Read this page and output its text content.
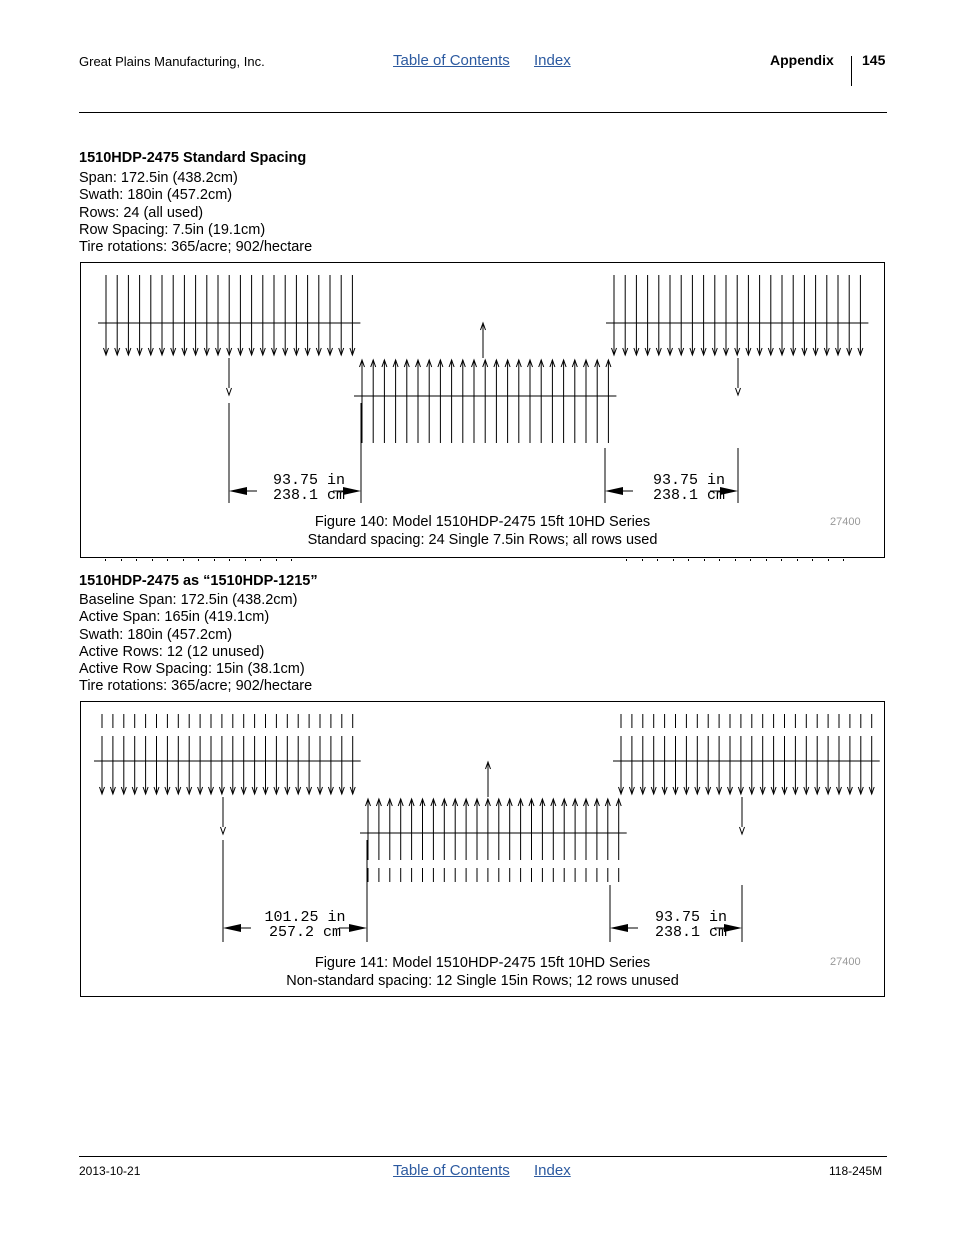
Great Plains Manufacturing, Inc.	Table of Contents Index	Appendix 145
1510HDP-2475 Standard Spacing
Span: 172.5in (438.2cm)
Swath: 180in (457.2cm)
Rows: 24 (all used)
Row Spacing: 7.5in (19.1cm)
Tire rotations: 365/acre; 902/hectare
93.75 in
238.1 cm
93.75 in
238.1 cm
Figure 140: Model 1510HDP-2475 15ft 10HD Series
Standard spacing: 24 Single 7.5in Rows; all rows used
27400
1510HDP-2475 as “1510HDP-1215”
Baseline Span: 172.5in (438.2cm)
Active Span: 165in (419.1cm)
Swath: 180in (457.2cm)
Active Rows: 12 (12 unused)
Active Row Spacing: 15in (38.1cm)
Tire rotations: 365/acre; 902/hectare
101.25 in
257.2 cm
93.75 in
238.1 cm
Figure 141: Model 1510HDP-2475 15ft 10HD Series
Non-standard spacing: 12 Single 15in Rows; 12 rows unused
27400
2013-10-21	Table of Contents Index	118-245M
